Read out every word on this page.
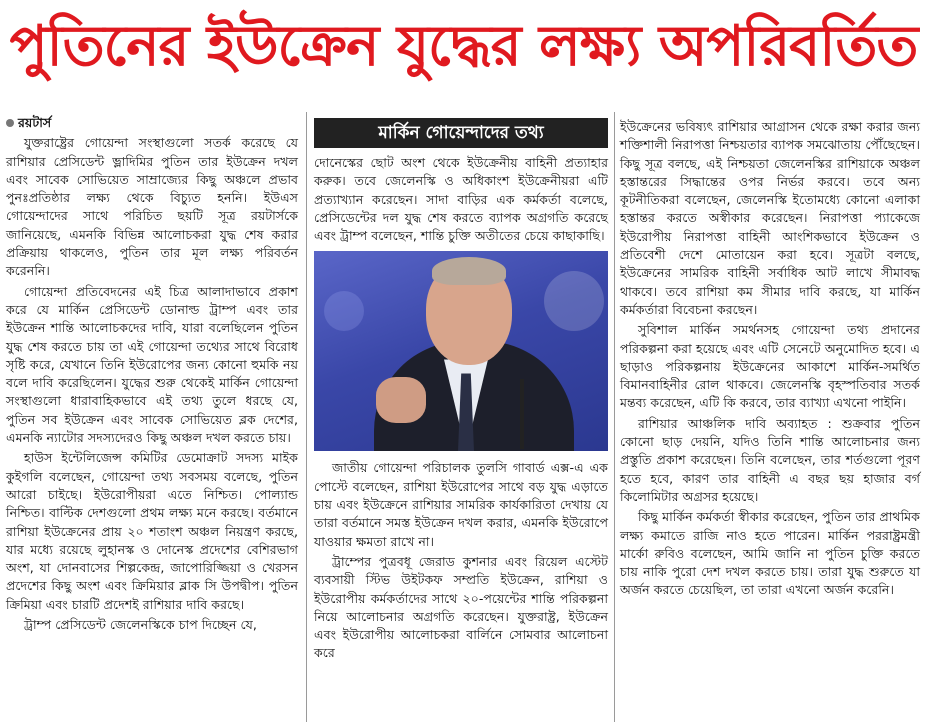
পুতিনের ইউক্রেন যুদ্ধের লক্ষ্য অপরিবর্তিত
রয়টার্স

যুক্তরাষ্ট্রের গোয়েন্দা সংস্থাগুলো সতর্ক করেছে যে রাশিয়ার প্রেসিডেন্ট ভ্লাদিমির পুতিন তার ইউক্রেন দখল এবং সাবেক সোভিয়েত সাম্রাজ্যের কিছু অঞ্চলে প্রভাব পুনঃপ্রতিষ্ঠার লক্ষ্য থেকে বিচ্যুত হননি। ইউএস গোয়েন্দাদের সাথে পরিচিত ছয়টি সূত্র রয়টার্সকে জানিয়েছে, এমনকি বিভিন্ন আলোচকরা যুদ্ধ শেষ করার প্রক্রিয়ায় থাকলেও, পুতিন তার মূল লক্ষ্য পরিবর্তন করেননি।

গোয়েন্দা প্রতিবেদনের এই চিত্র আলাদাভাবে প্রকাশ করে যে মার্কিন প্রেসিডেন্ট ডোনাল্ড ট্রাম্প এবং তার ইউক্রেন শান্তি আলোচকদের দাবি, যারা বলেছিলেন পুতিন যুদ্ধ শেষ করতে চায় তা এই গোয়েন্দা তথ্যের সাথে বিরোধ সৃষ্টি করে, যেখানে তিনি ইউরোপের জন্য কোনো হুমকি নয় বলে দাবি করেছিলেন। যুদ্ধের শুরু থেকেই মার্কিন গোয়েন্দা সংস্থাগুলো ধারাবাহিকভাবে এই তথ্য তুলে ধরছে যে, পুতিন সব ইউক্রেন এবং সাবেক সোভিয়েত ব্লক দেশের, এমনকি ন্যাটোর সদস্যদেরও কিছু অঞ্চল দখল করতে চায়।

হাউস ইন্টেলিজেন্স কমিটির ডেমোক্রাট সদস্য মাইক কুইগলি বলেছেন, গোয়েন্দা তথ্য সবসময় বলেছে, পুতিন আরো চাইছে। ইউরোপীয়রা এতে নিশ্চিত। পোল্যান্ড নিশ্চিত। বাল্টিক দেশগুলো প্রথম লক্ষ্য মনে করছে। বর্তমানে রাশিয়া ইউক্রেনের প্রায় ২০ শতাংশ অঞ্চল নিয়ন্ত্রণ করছে, যার মধ্যে রয়েছে লুহানস্ক ও দোনেস্ক প্রদেশের বেশিরভাগ অংশ, যা দোনবাসের শিল্পকেন্দ্র, জাপোরিজ্জিয়া ও খেরসন প্রদেশের কিছু অংশ এবং ক্রিমিয়ার ব্লাক সি উপদ্বীপ। পুতিন ক্রিমিয়া এবং চারটি প্রদেশই রাশিয়ার দাবি করছে।

ট্রাম্প প্রেসিডেন্ট জেলেনস্কিকে চাপ দিচ্ছেন যে,

মার্কিন গোয়েন্দাদের তথ্য

দোনেস্কের ছোট অংশ থেকে ইউক্রেনীয় বাহিনী প্রত্যাহার করুক। তবে জেলেনস্কি ও অধিকাংশ ইউক্রেনীয়রা এটি প্রত্যাখ্যান করেছেন। সাদা বাড়ির এক কর্মকর্তা বলেছে, প্রেসিডেন্টের দল যুদ্ধ শেষ করতে ব্যাপক অগ্রগতি করেছে এবং ট্রাম্প বলেছেন, শান্তি চুক্তি অতীতের চেয়ে কাছাকাছি।

জাতীয় গোয়েন্দা পরিচালক তুলসি গাবার্ড এক্স-এ এক পোস্টে বলেছেন, রাশিয়া ইউরোপের সাথে বড় যুদ্ধ এড়াতে চায় এবং ইউক্রেনে রাশিয়ার সামরিক কার্যকারিতা দেখায় যে তারা বর্তমানে সমস্ত ইউক্রেন দখল করার, এমনকি ইউরোপে যাওয়ার ক্ষমতা রাখে না।

ট্রাম্পের পুত্রবধূ জেরাড কুশনার এবং রিয়েল এস্টেট ব্যবসায়ী স্টিভ উইটকফ সম্প্রতি ইউক্রেন, রাশিয়া ও ইউরোপীয় কর্মকর্তাদের সাথে ২০-পয়েন্টের শান্তি পরিকল্পনা নিয়ে আলোচনার অগ্রগতি করেছেন। যুক্তরাষ্ট্র, ইউক্রেন এবং ইউরোপীয় আলোচকরা বার্লিনে সোমবার আলোচনা করে

ইউক্রেনের ভবিষ্যৎ রাশিয়ার আগ্রাসন থেকে রক্ষা করার জন্য শক্তিশালী নিরাপত্তা নিশ্চয়তার ব্যাপক সমঝোতায় পৌঁছেছেন। কিছু সূত্র বলছে, এই নিশ্চয়তা জেলেনস্কির রাশিয়াকে অঞ্চল হস্তান্তরের সিদ্ধান্তের ওপর নির্ভর করবে। তবে অন্য কূটনীতিকরা বলেছেন, জেলেনস্কি ইতোমধ্যে কোনো এলাকা হস্তান্তর করতে অস্বীকার করেছেন। নিরাপত্তা প্যাকেজে ইউরোপীয় নিরাপত্তা বাহিনী আংশিকভাবে ইউক্রেন ও প্রতিবেশী দেশে মোতায়েন করা হবে। সূত্রটা বলছে, ইউক্রেনের সামরিক বাহিনী সর্বাধিক আট লাখে সীমাবদ্ধ থাকবে। তবে রাশিয়া কম সীমার দাবি করছে, যা মার্কিন কর্মকর্তারা বিবেচনা করছেন।

সুবিশাল মার্কিন সমর্থনসহ গোয়েন্দা তথ্য প্রদানের পরিকল্পনা করা হয়েছে এবং এটি সেনেটে অনুমোদিত হবে। এ ছাড়াও পরিকল্পনায় ইউক্রেনের আকাশে মার্কিন-সমর্থিত বিমানবাহিনীর রোল থাকবে। জেলেনস্কি বৃহস্পতিবার সতর্ক মন্তব্য করেছেন, এটি কি করবে, তার ব্যাখ্যা এখনো পাইনি।

রাশিয়ার আঞ্চলিক দাবি অব্যাহত : শুক্রবার পুতিন কোনো ছাড় দেয়নি, যদিও তিনি শান্তি আলোচনার জন্য প্রস্তুতি প্রকাশ করেছেন। তিনি বলেছেন, তার শর্তগুলো পূরণ হতে হবে, কারণ তার বাহিনী এ বছর ছয় হাজার বর্গ কিলোমিটার অগ্রসর হয়েছে।

কিছু মার্কিন কর্মকর্তা স্বীকার করেছেন, পুতিন তার প্রাথমিক লক্ষ্য কমাতে রাজি নাও হতে পারেন। মার্কিন পররাষ্ট্রমন্ত্রী মার্কো রুবিও বলেছেন, আমি জানি না পুতিন চুক্তি করতে চায় নাকি পুরো দেশ দখল করতে চায়। তারা যুদ্ধ শুরুতে যা অর্জন করতে চেয়েছিল, তা তারা এখনো অর্জন করেনি।
